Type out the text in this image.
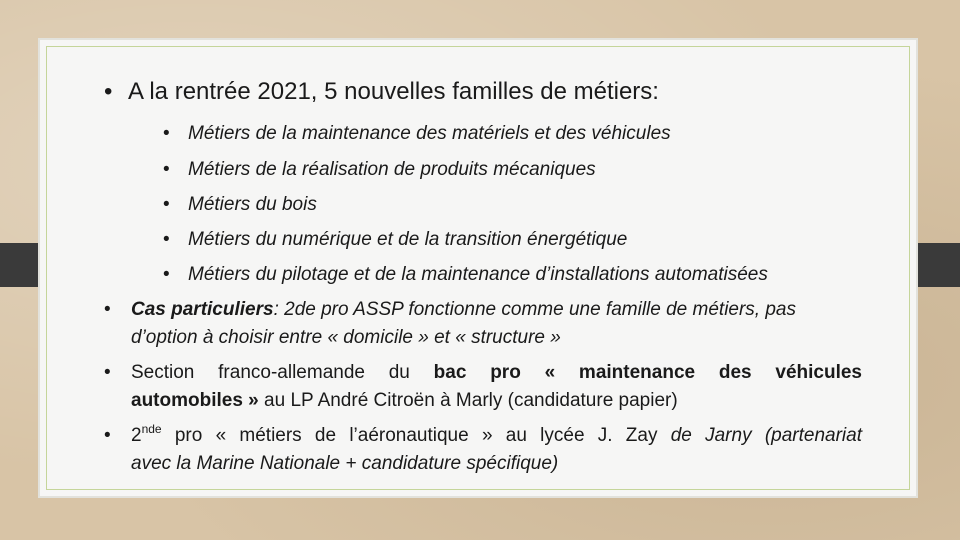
• A la rentrée 2021, 5 nouvelles familles de métiers:
• Métiers de la maintenance des matériels et des véhicules
• Métiers de la réalisation de produits mécaniques
• Métiers du bois
• Métiers du numérique et de la transition énergétique
• Métiers du pilotage et de la maintenance d’installations automatisées
• Cas particuliers: 2de pro ASSP fonctionne comme une famille de métiers, pas
d’option à choisir entre « domicile » et « structure »
• Section franco-allemande du bac pro « maintenance des véhicules
automobiles » au LP André Citroën à Marly (candidature papier)
• 2nde pro « métiers de l’aéronautique » au lycée J. Zay de Jarny (partenariat
avec la Marine Nationale + candidature spécifique)
